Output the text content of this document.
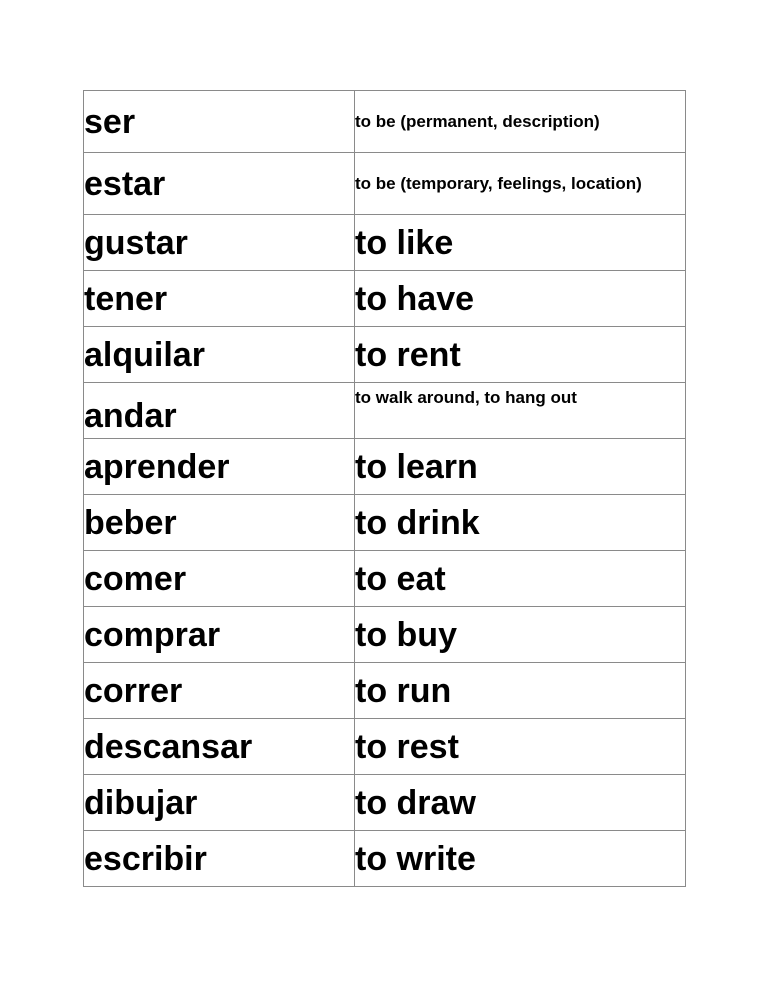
ser	to be (permanent, description)
estar	to be (temporary, feelings, location)
gustar	to like
tener	to have
alquilar	to rent
andar	to walk around, to hang out
aprender	to learn
beber	to drink
comer	to eat
comprar	to buy
correr	to run
descansar	to rest
dibujar	to draw
escribir	to write
